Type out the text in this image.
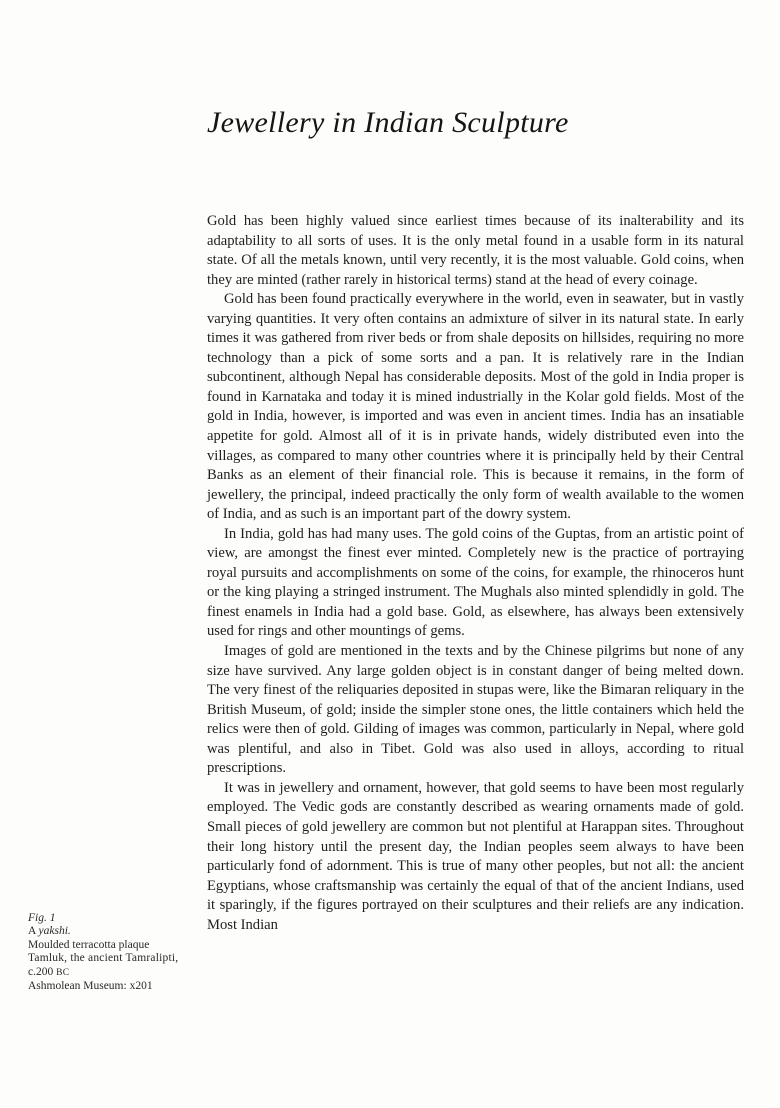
Jewellery in Indian Sculpture

Gold has been highly valued since earliest times because of its inalterability and its adaptability to all sorts of uses. It is the only metal found in a usable form in its natural state. Of all the metals known, until very recently, it is the most valuable. Gold coins, when they are minted (rather rarely in historical terms) stand at the head of every coinage.

Gold has been found practically everywhere in the world, even in seawater, but in vastly varying quantities. It very often contains an admixture of silver in its natural state. In early times it was gathered from river beds or from shale deposits on hillsides, requiring no more technology than a pick of some sorts and a pan. It is relatively rare in the Indian subcontinent, although Nepal has considerable deposits. Most of the gold in India proper is found in Karnataka and today it is mined industrially in the Kolar gold fields. Most of the gold in India, however, is imported and was even in ancient times. India has an insatiable appetite for gold. Almost all of it is in private hands, widely distributed even into the villages, as compared to many other countries where it is principally held by their Central Banks as an element of their financial role. This is because it remains, in the form of jewellery, the principal, indeed practically the only form of wealth available to the women of India, and as such is an important part of the dowry system.

In India, gold has had many uses. The gold coins of the Guptas, from an artistic point of view, are amongst the finest ever minted. Completely new is the practice of portraying royal pursuits and accomplishments on some of the coins, for example, the rhinoceros hunt or the king playing a stringed instrument. The Mughals also minted splendidly in gold. The finest enamels in India had a gold base. Gold, as elsewhere, has always been extensively used for rings and other mountings of gems.

Images of gold are mentioned in the texts and by the Chinese pilgrims but none of any size have survived. Any large golden object is in constant danger of being melted down. The very finest of the reliquaries deposited in stupas were, like the Bimaran reliquary in the British Museum, of gold; inside the simpler stone ones, the little containers which held the relics were then of gold. Gilding of images was common, particularly in Nepal, where gold was plentiful, and also in Tibet. Gold was also used in alloys, according to ritual prescriptions.

It was in jewellery and ornament, however, that gold seems to have been most regularly employed. The Vedic gods are constantly described as wearing ornaments made of gold. Small pieces of gold jewellery are common but not plentiful at Harappan sites. Throughout their long history until the present day, the Indian peoples seem always to have been particularly fond of adornment. This is true of many other peoples, but not all: the ancient Egyptians, whose craftsmanship was certainly the equal of that of the ancient Indians, used it sparingly, if the figures portrayed on their sculptures and their reliefs are any indication. Most Indian

Fig. 1
A yakshi.
Moulded terracotta plaque
Tamluk, the ancient Tamralipti,
c.200 BC
Ashmolean Museum: x201
